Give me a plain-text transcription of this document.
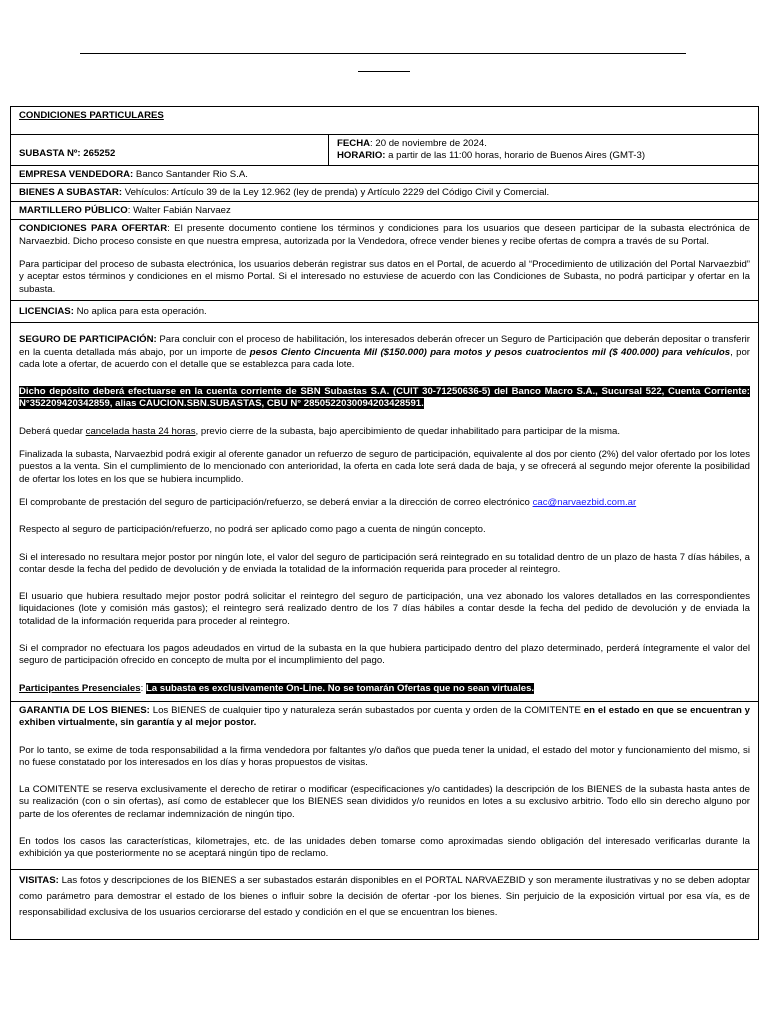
CONDICIONES PARTICULARES
SUBASTA Nº: 265252	
FECHA: 20 de noviembre de 2024.
HORARIO: a partir de las 11:00 horas, horario de Buenos Aires (GMT-3)

EMPRESA VENDEDORA: Banco Santander Rio S.A.
BIENES A SUBASTAR: Vehículos: Artículo 39 de la Ley 12.962 (ley de prenda) y Artículo 2229 del Código Civil y Comercial.
MARTILLERO PÚBLICO: Walter Fabián Narvaez

CONDICIONES PARA OFERTAR: El presente documento contiene los términos y condiciones para los usuarios que deseen participar de la subasta electrónica de Narvaezbid. Dicho proceso consiste en que nuestra empresa, autorizada por la Vendedora, ofrece vender bienes y recibe ofertas de compra a través de su Portal.

Para participar del proceso de subasta electrónica, los usuarios deberán registrar sus datos en el Portal, de acuerdo al “Procedimiento de utilización del Portal Narvaezbid” y aceptar estos términos y condiciones en el mismo Portal. Si el interesado no estuviese de acuerdo con las Condiciones de Subasta, no podrá participar y ofertar en la subasta.

LICENCIAS: No aplica para esta operación.

SEGURO DE PARTICIPACIÓN: Para concluir con el proceso de habilitación, los interesados deberán ofrecer un Seguro de Participación que deberán depositar o transferir en la cuenta detallada más abajo, por un importe de pesos Ciento Cincuenta Mil ($150.000) para motos y pesos cuatrocientos mil ($ 400.000) para vehículos, por cada lote a ofertar, de acuerdo con el detalle que se establezca para cada lote.

Dicho depósito deberá efectuarse en la cuenta corriente de SBN Subastas S.A. (CUIT 30-71250636-5) del Banco Macro S.A., Sucursal 522, Cuenta Corriente: N°352209420342859, alias CAUCION.SBN.SUBASTAS, CBU N° 2850522030094203428591.

Deberá quedar cancelada hasta 24 horas, previo cierre de la subasta, bajo apercibimiento de quedar inhabilitado para participar de la misma.

Finalizada la subasta, Narvaezbid podrá exigir al oferente ganador un refuerzo de seguro de participación, equivalente al dos por ciento (2%) del valor ofertado por los lotes puestos a la venta. Sin el cumplimiento de lo mencionado con anterioridad, la oferta en cada lote será dada de baja, y se ofrecerá al segundo mejor oferente la posibilidad de ofertar los lotes en los que se hubiera incumplido.

El comprobante de prestación del seguro de participación/refuerzo, se deberá enviar a la dirección de correo electrónico cac@narvaezbid.com.ar

Respecto al seguro de participación/refuerzo, no podrá ser aplicado como pago a cuenta de ningún concepto.

Si el interesado no resultara mejor postor por ningún lote, el valor del seguro de participación será reintegrado en su totalidad dentro de un plazo de hasta 7 días hábiles, a contar desde la fecha del pedido de devolución y de enviada la totalidad de la información requerida para proceder al reintegro.

El usuario que hubiera resultado mejor postor podrá solicitar el reintegro del seguro de participación, una vez abonado los valores detallados en las correspondientes liquidaciones (lote y comisión más gastos); el reintegro será realizado dentro de los 7 días hábiles a contar desde la fecha del pedido de devolución y de enviada la totalidad de la información requerida para proceder al reintegro.

Si el comprador no efectuara los pagos adeudados en virtud de la subasta en la que hubiera participado dentro del plazo determinado, perderá íntegramente el valor del seguro de participación ofrecido en concepto de multa por el incumplimiento del pago.

Participantes Presenciales: La subasta es exclusivamente On-Line. No se tomarán Ofertas que no sean virtuales.

GARANTIA DE LOS BIENES: Los BIENES de cualquier tipo y naturaleza serán subastados por cuenta y orden de la COMITENTE en el estado en que se encuentran y exhiben virtualmente, sin garantía y al mejor postor.

Por lo tanto, se exime de toda responsabilidad a la firma vendedora por faltantes y/o daños que pueda tener la unidad, el estado del motor y funcionamiento del mismo, si no fuese constatado por los interesados en los días y horas propuestos de visitas.

La COMITENTE se reserva exclusivamente el derecho de retirar o modificar (especificaciones y/o cantidades) la descripción de los BIENES de la subasta hasta antes de su realización (con o sin ofertas), así como de establecer que los BIENES sean divididos y/o reunidos en lotes a su exclusivo arbitrio. Todo ello sin derecho alguno por parte de los oferentes de reclamar indemnización de ningún tipo.

En todos los casos las características, kilometrajes, etc. de las unidades deben tomarse como aproximadas siendo obligación del interesado verificarlas durante la exhibición ya que posteriormente no se aceptará ningún tipo de reclamo.

VISITAS: Las fotos y descripciones de los BIENES a ser subastados estarán disponibles en el PORTAL NARVAEZBID y son meramente ilustrativas y no se deben adoptar como parámetro para demostrar el estado de los bienes o influir sobre la decisión de ofertar -por los bienes. Sin perjuicio de la exposición virtual por esa vía, es de responsabilidad exclusiva de los usuarios cerciorarse del estado y condición en el que se encuentran los bienes.
